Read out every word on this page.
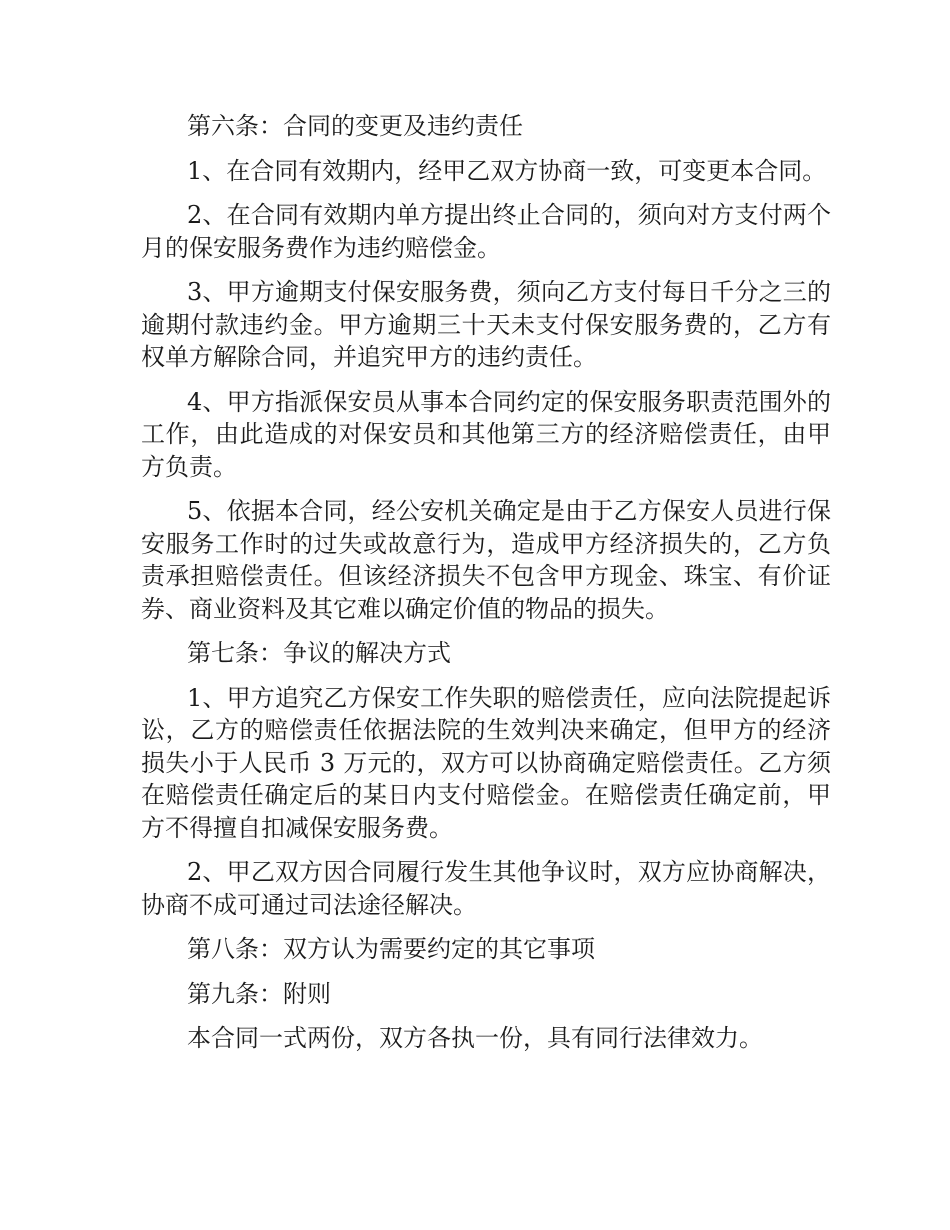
第六条：合同的变更及违约责任

1、在合同有效期内，经甲乙双方协商一致，可变更本合同。

2、在合同有效期内单方提出终止合同的，须向对方支付两个月的保安服务费作为违约赔偿金。

3、甲方逾期支付保安服务费，须向乙方支付每日千分之三的逾期付款违约金。甲方逾期三十天未支付保安服务费的，乙方有权单方解除合同，并追究甲方的违约责任。

4、甲方指派保安员从事本合同约定的保安服务职责范围外的工作，由此造成的对保安员和其他第三方的经济赔偿责任，由甲方负责。

5、依据本合同，经公安机关确定是由于乙方保安人员进行保安服务工作时的过失或故意行为，造成甲方经济损失的，乙方负责承担赔偿责任。但该经济损失不包含甲方现金、珠宝、有价证券、商业资料及其它难以确定价值的物品的损失。

第七条：争议的解决方式

1、甲方追究乙方保安工作失职的赔偿责任，应向法院提起诉讼，乙方的赔偿责任依据法院的生效判决来确定，但甲方的经济损失小于人民币 3 万元的，双方可以协商确定赔偿责任。乙方须在赔偿责任确定后的某日内支付赔偿金。在赔偿责任确定前，甲方不得擅自扣减保安服务费。

2、甲乙双方因合同履行发生其他争议时，双方应协商解决，协商不成可通过司法途径解决。

第八条：双方认为需要约定的其它事项

第九条：附则

本合同一式两份，双方各执一份，具有同行法律效力。
